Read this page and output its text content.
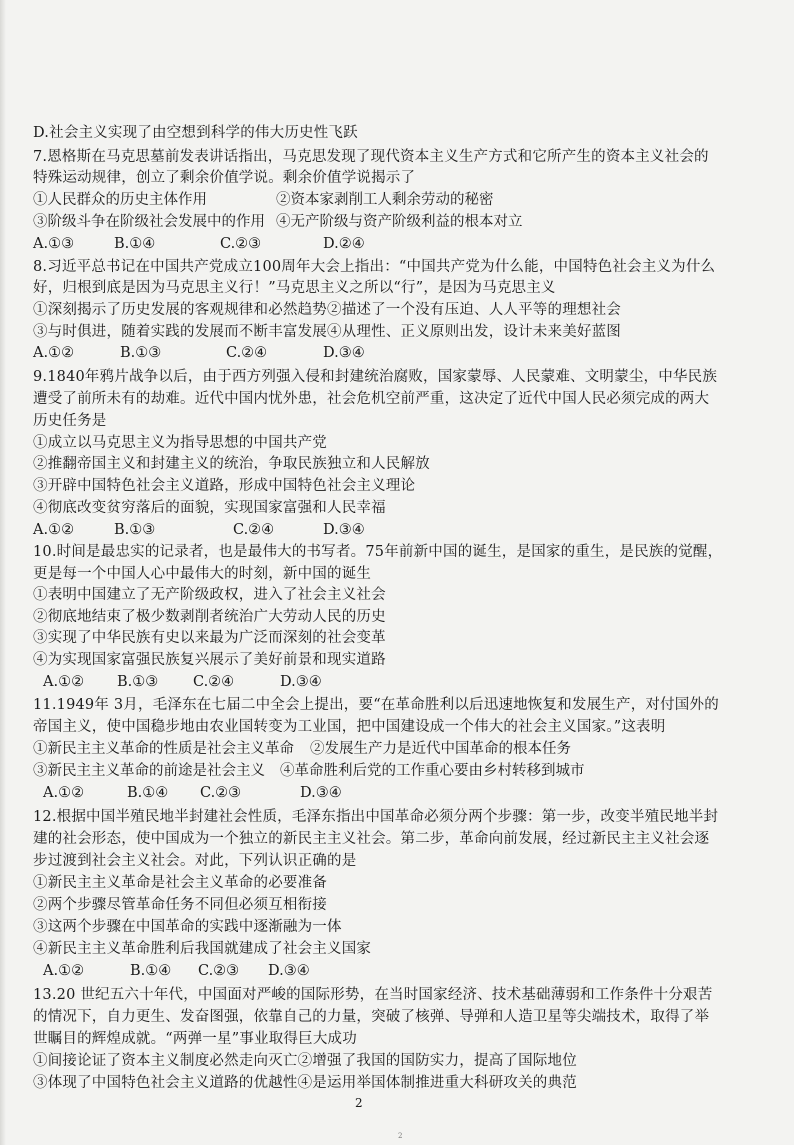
D.社会主义实现了由空想到科学的伟大历史性飞跃
7.恩格斯在马克思墓前发表讲话指出，马克思发现了现代资本主义生产方式和它所产生的资本主义社会的
特殊运动规律，创立了剩余价值学说。剩余价值学说揭示了
①人民群众的历史主体作用	②资本家剥削工人剩余劳动的秘密
③阶级斗争在阶级社会发展中的作用 ④无产阶级与资产阶级利益的根本对立
A.①③	B.①④	C.②③	D.②④
8.习近平总书记在中国共产党成立100周年大会上指出：“中国共产党为什么能，中国特色社会主义为什么
好，归根到底是因为马克思主义行！”马克思主义之所以“行”，是因为马克思主义
①深刻揭示了历史发展的客观规律和必然趋势②描述了一个没有压迫、人人平等的理想社会
③与时俱进，随着实践的发展而不断丰富发展④从理性、正义原则出发，设计未来美好蓝图
A.①②	B.①③	C.②④	D.③④
9.1840年鸦片战争以后，由于西方列强入侵和封建统治腐败，国家蒙辱、人民蒙难、文明蒙尘，中华民族
遭受了前所未有的劫难。近代中国内忧外患，社会危机空前严重，这决定了近代中国人民必须完成的两大
历史任务是
①成立以马克思主义为指导思想的中国共产党
②推翻帝国主义和封建主义的统治，争取民族独立和人民解放
③开辟中国特色社会主义道路，形成中国特色社会主义理论
④彻底改变贫穷落后的面貌，实现国家富强和人民幸福
A.①②	B.①③	C.②④	D.③④
10.时间是最忠实的记录者，也是最伟大的书写者。75年前新中国的诞生，是国家的重生，是民族的觉醒，
更是每一个中国人心中最伟大的时刻，新中国的诞生
①表明中国建立了无产阶级政权，进入了社会主义社会
②彻底地结束了极少数剥削者统治广大劳动人民的历史
③实现了中华民族有史以来最为广泛而深刻的社会变革
④为实现国家富强民族复兴展示了美好前景和现实道路
A.①② B.①③ C.②④	D.③④
11.1949年 3月，毛泽东在七届二中全会上提出，要“在革命胜利以后迅速地恢复和发展生产，对付国外的
帝国主义，使中国稳步地由农业国转变为工业国，把中国建设成一个伟大的社会主义国家。”这表明
①新民主主义革命的性质是社会主义革命 ②发展生产力是近代中国革命的根本任务
③新民主主义革命的前途是社会主义 ④革命胜利后党的工作重心要由乡村转移到城市
A.①②	B.①④ C.②③	D.③④
12.根据中国半殖民地半封建社会性质，毛泽东指出中国革命必须分两个步骤：第一步，改变半殖民地半封
建的社会形态，使中国成为一个独立的新民主主义社会。第二步，革命向前发展，经过新民主主义社会逐
步过渡到社会主义社会。对此，下列认识正确的是
①新民主主义革命是社会主义革命的必要准备
②两个步骤尽管革命任务不同但必须互相衔接
③这两个步骤在中国革命的实践中逐渐融为一体
④新民主主义革命胜利后我国就建成了社会主义国家
A.①②	B.①④ C.②③ D.③④
13.20 世纪五六十年代，中国面对严峻的国际形势，在当时国家经济、技术基础薄弱和工作条件十分艰苦
的情况下，自力更生、发奋图强，依靠自己的力量，突破了核弹、导弹和人造卫星等尖端技术，取得了举
世瞩目的辉煌成就。“两弹一星”事业取得巨大成功
①间接论证了资本主义制度必然走向灭亡②增强了我国的国防实力，提高了国际地位
③体现了中国特色社会主义道路的优越性④是运用举国体制推进重大科研攻关的典范
2
2
